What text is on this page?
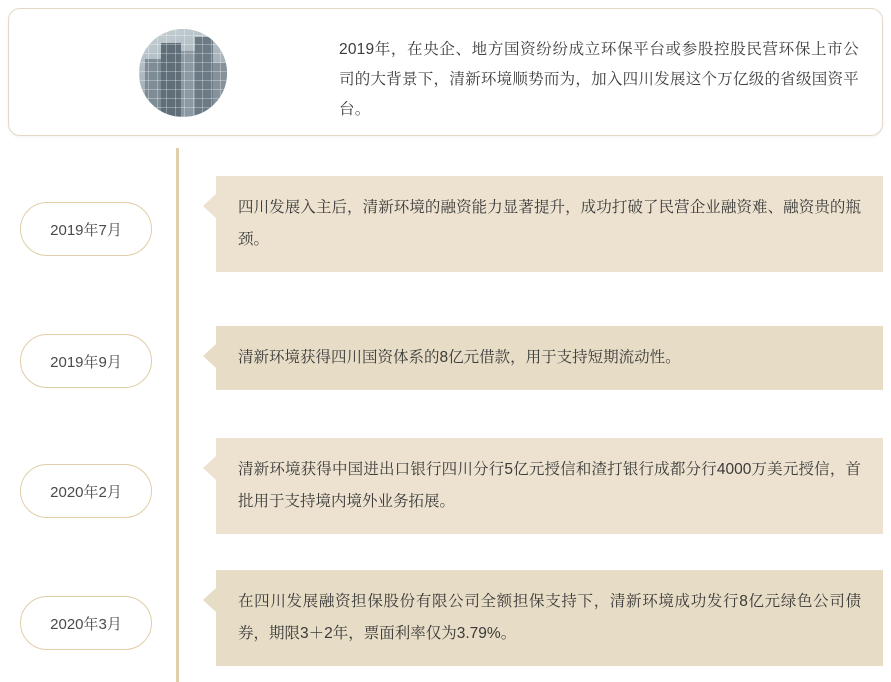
2019年，在央企、地方国资纷纷成立环保平台或参股控股民营环保上市公司的大背景下，清新环境顺势而为，加入四川发展这个万亿级的省级国资平台。
2019年7月
四川发展入主后，清新环境的融资能力显著提升，成功打破了民营企业融资难、融资贵的瓶颈。
2019年9月	清新环境获得四川国资体系的8亿元借款，用于支持短期流动性。
2020年2月
清新环境获得中国进出口银行四川分行5亿元授信和渣打银行成都分行4000万美元授信，首批用于支持境内境外业务拓展。
2020年3月
在四川发展融资担保股份有限公司全额担保支持下，清新环境成功发行8亿元绿色公司债券，期限3＋2年，票面利率仅为3.79%。
